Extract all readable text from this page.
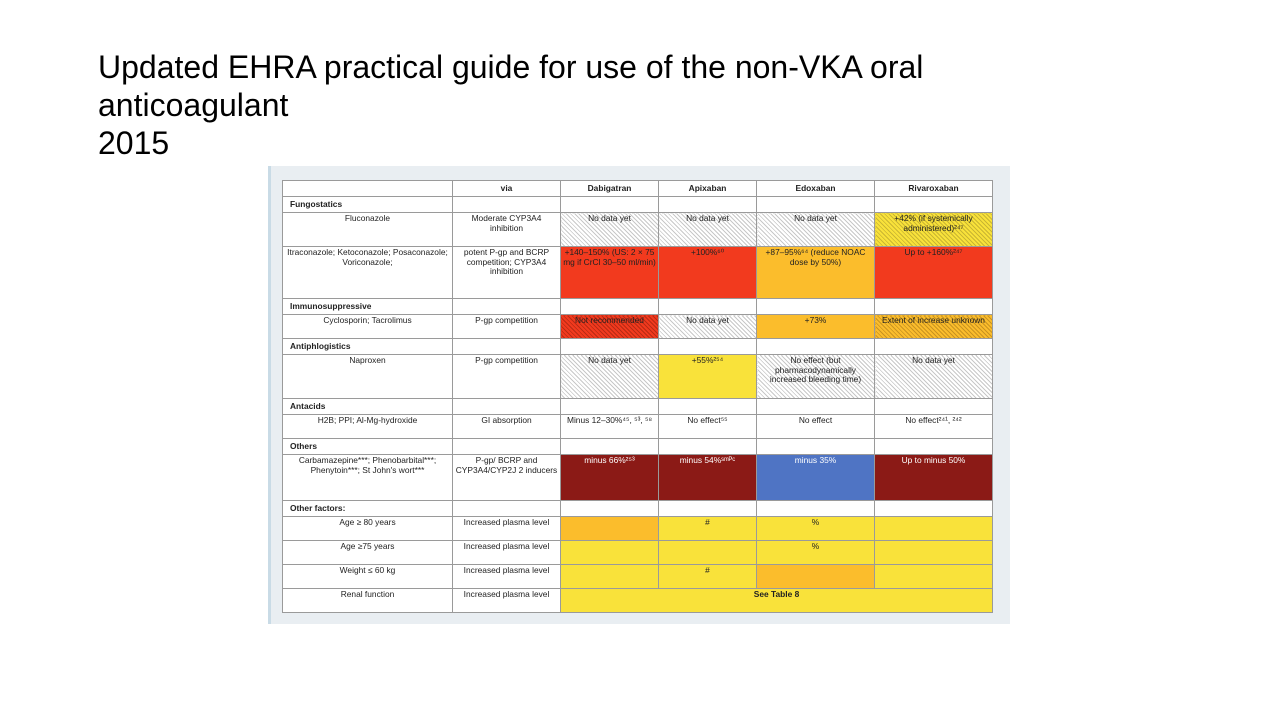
Updated EHRA practical guide for use of the non-VKA oral
anticoagulant
2015
	via	Dabigatran	Apixaban	Edoxaban	Rivaroxaban
Fungostatics					
Fluconazole	Moderate CYP3A4 inhibition	No data yet	No data yet	No data yet	+42% (if systemically administered)²⁴⁷
Itraconazole; Ketoconazole; Posaconazole; Voriconazole;	potent P-gp and BCRP competition; CYP3A4 inhibition	+140–150% (US: 2 × 75 mg if CrCl 30–50 ml/min)	+100%⁶⁰	+87–95%⁶⁴ (reduce NOAC dose by 50%)	Up to +160%²⁴⁷
Immunosuppressive					
Cyclosporin; Tacrolimus	P-gp competition	Not recommended	No data yet	+73%	Extent of increase unknown
Antiphlogistics					
Naproxen	P-gp competition	No data yet	+55%²⁵⁴	No effect (but pharmacodynamically increased bleeding time)	No data yet
Antacids					
H2B; PPI; Al-Mg-hydroxide	GI absorption	Minus 12–30%⁴⁵, ⁵³, ⁵⁸	No effect⁵⁵	No effect	No effect²⁴¹, ²⁴²
Others					
Carbamazepine***; Phenobarbital***; Phenytoin***; St John's wort***	P-gp/ BCRP and CYP3A4/CYP2J 2 inducers	minus 66%²⁵³	minus 54%ˢᵐᴾᶜ	minus 35%	Up to minus 50%
Other factors:					
Age ≥ 80 years	Increased plasma level		#	%	
Age ≥75 years	Increased plasma level			%	
Weight ≤ 60 kg	Increased plasma level		#		
Renal function	Increased plasma level	See Table 8			
